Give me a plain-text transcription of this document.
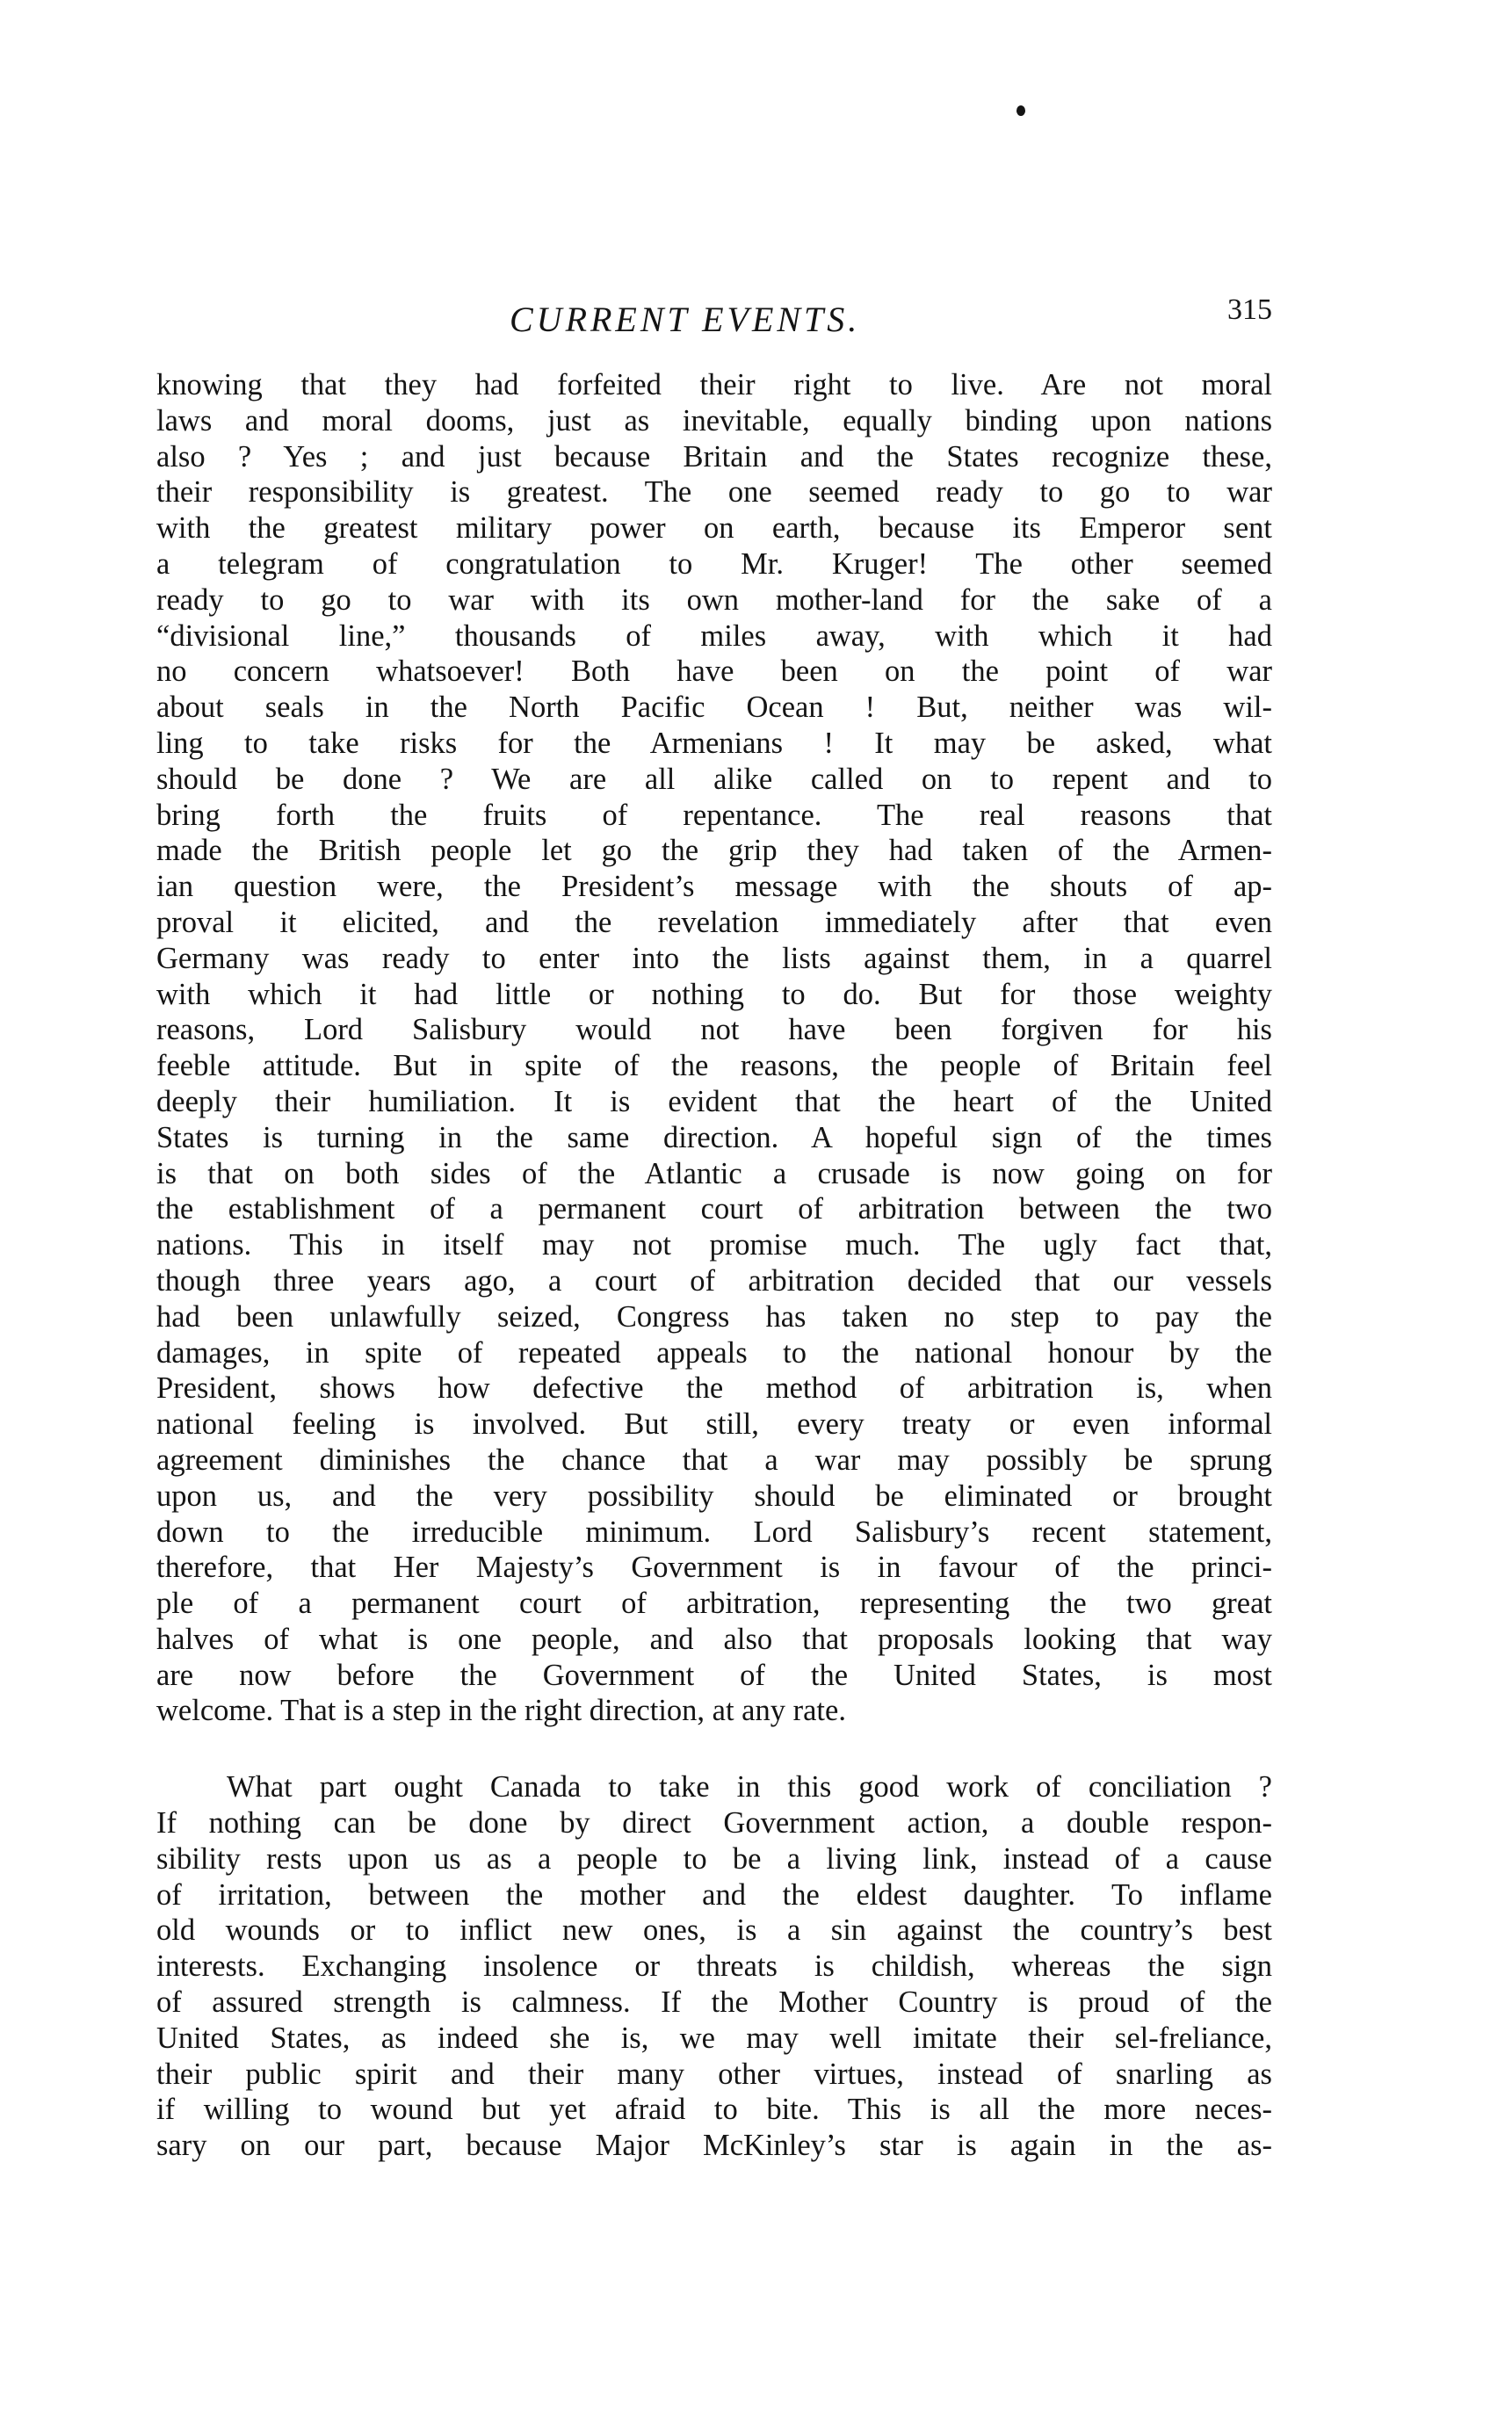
CURRENT EVENTS.	315
knowing that they had forfeited their right to live. Are not moral
laws and moral dooms, just as inevitable, equally binding upon nations
also ? Yes ; and just because Britain and the States recognize these,
their responsibility is greatest. The one seemed ready to go to war
with the greatest military power on earth, because its Emperor sent
a telegram of congratulation to Mr. Kruger! The other seemed
ready to go to war with its own mother-land for the sake of a
“divisional line,” thousands of miles away, with which it had
no concern whatsoever! Both have been on the point of war
about seals in the North Pacific Ocean ! But, neither was wil-
ling to take risks for the Armenians ! It may be asked, what
should be done ? We are all alike called on to repent and to
bring forth the fruits of repentance. The real reasons that
made the British people let go the grip they had taken of the Armen-
ian question were, the President’s message with the shouts of ap-
proval it elicited, and the revelation immediately after that even
Germany was ready to enter into the lists against them, in a quarrel
with which it had little or nothing to do. But for those weighty
reasons, Lord Salisbury would not have been forgiven for his
feeble attitude. But in spite of the reasons, the people of Britain feel
deeply their humiliation. It is evident that the heart of the United
States is turning in the same direction. A hopeful sign of the times
is that on both sides of the Atlantic a crusade is now going on for
the establishment of a permanent court of arbitration between the two
nations. This in itself may not promise much. The ugly fact that,
though three years ago, a court of arbitration decided that our vessels
had been unlawfully seized, Congress has taken no step to pay the
damages, in spite of repeated appeals to the national honour by the
President, shows how defective the method of arbitration is, when
national feeling is involved. But still, every treaty or even informal
agreement diminishes the chance that a war may possibly be sprung
upon us, and the very possibility should be eliminated or brought
down to the irreducible minimum. Lord Salisbury’s recent statement,
therefore, that Her Majesty’s Government is in favour of the princi-
ple of a permanent court of arbitration, representing the two great
halves of what is one people, and also that proposals looking that way
are now before the Government of the United States, is most
welcome. That is a step in the right direction, at any rate.
What part ought Canada to take in this good work of conciliation ?
If nothing can be done by direct Government action, a double respon-
sibility rests upon us as a people to be a living link, instead of a cause
of irritation, between the mother and the eldest daughter. To inflame
old wounds or to inflict new ones, is a sin against the country’s best
interests. Exchanging insolence or threats is childish, whereas the sign
of assured strength is calmness. If the Mother Country is proud of the
United States, as indeed she is, we may well imitate their sel-freliance,
their public spirit and their many other virtues, instead of snarling as
if willing to wound but yet afraid to bite. This is all the more neces-
sary on our part, because Major McKinley’s star is again in the as-
